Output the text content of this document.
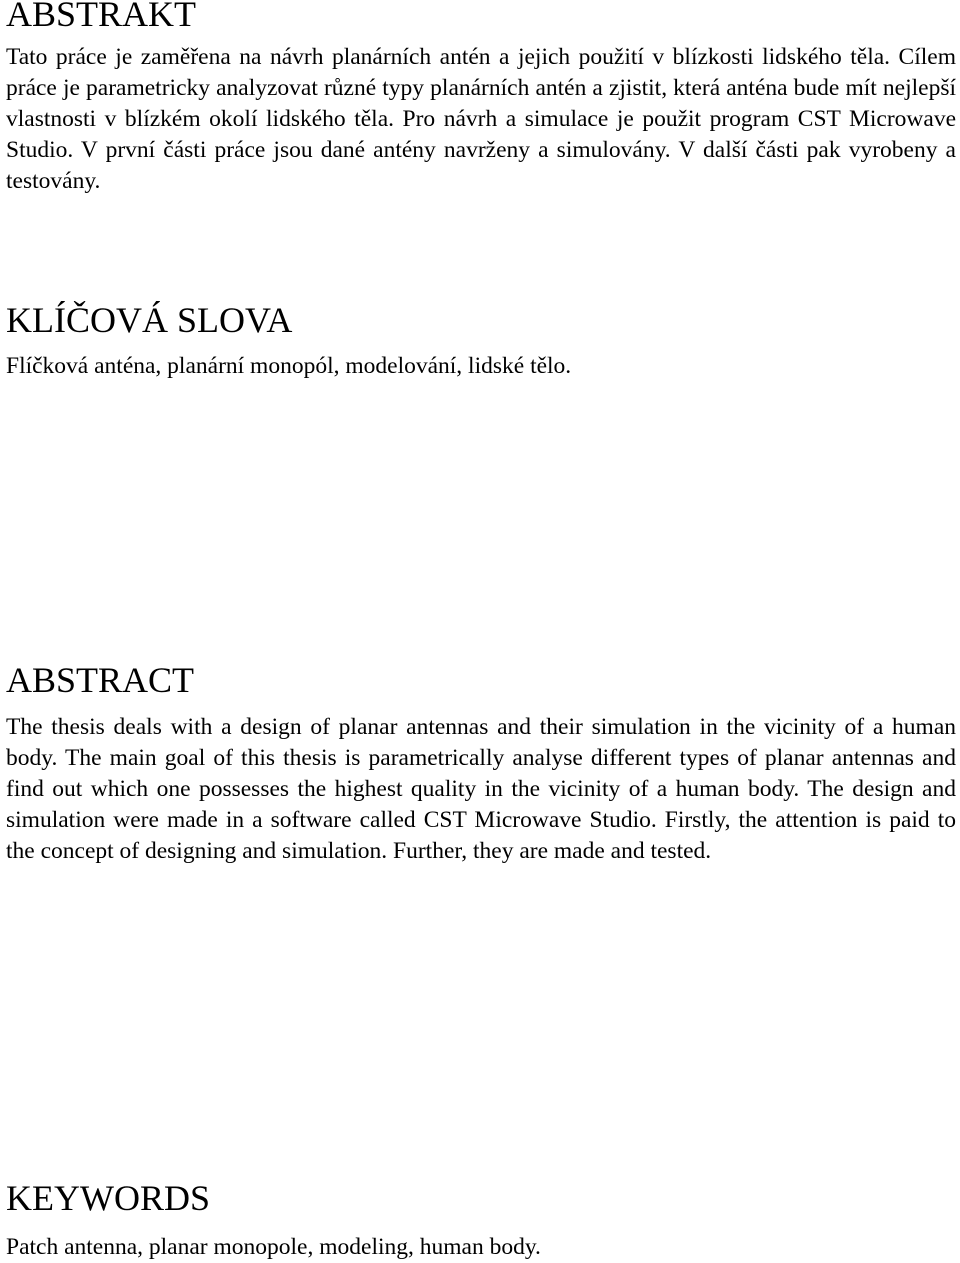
ABSTRAKT

Tato práce je zaměřena na návrh planárních antén a jejich použití v blízkosti lidského těla. Cílem práce je parametricky analyzovat různé typy planárních antén a zjistit, která anténa bude mít nejlepší vlastnosti v blízkém okolí lidského těla. Pro návrh a simulace je použit program CST Microwave Studio. V první části práce jsou dané antény navrženy a simulovány. V další části pak vyrobeny a testovány.

KLÍČOVÁ SLOVA

Flíčková anténa, planární monopól, modelování, lidské tělo.

ABSTRACT

The thesis deals with a design of planar antennas and their simulation in the vicinity of a human body. The main goal of this thesis is parametrically analyse different types of planar antennas and find out which one possesses the highest quality in the vicinity of a human body. The design and simulation were made in a software called CST Microwave Studio. Firstly, the attention is paid to the concept of designing and simulation. Further, they are made and tested.

KEYWORDS

Patch antenna, planar monopole, modeling, human body.
